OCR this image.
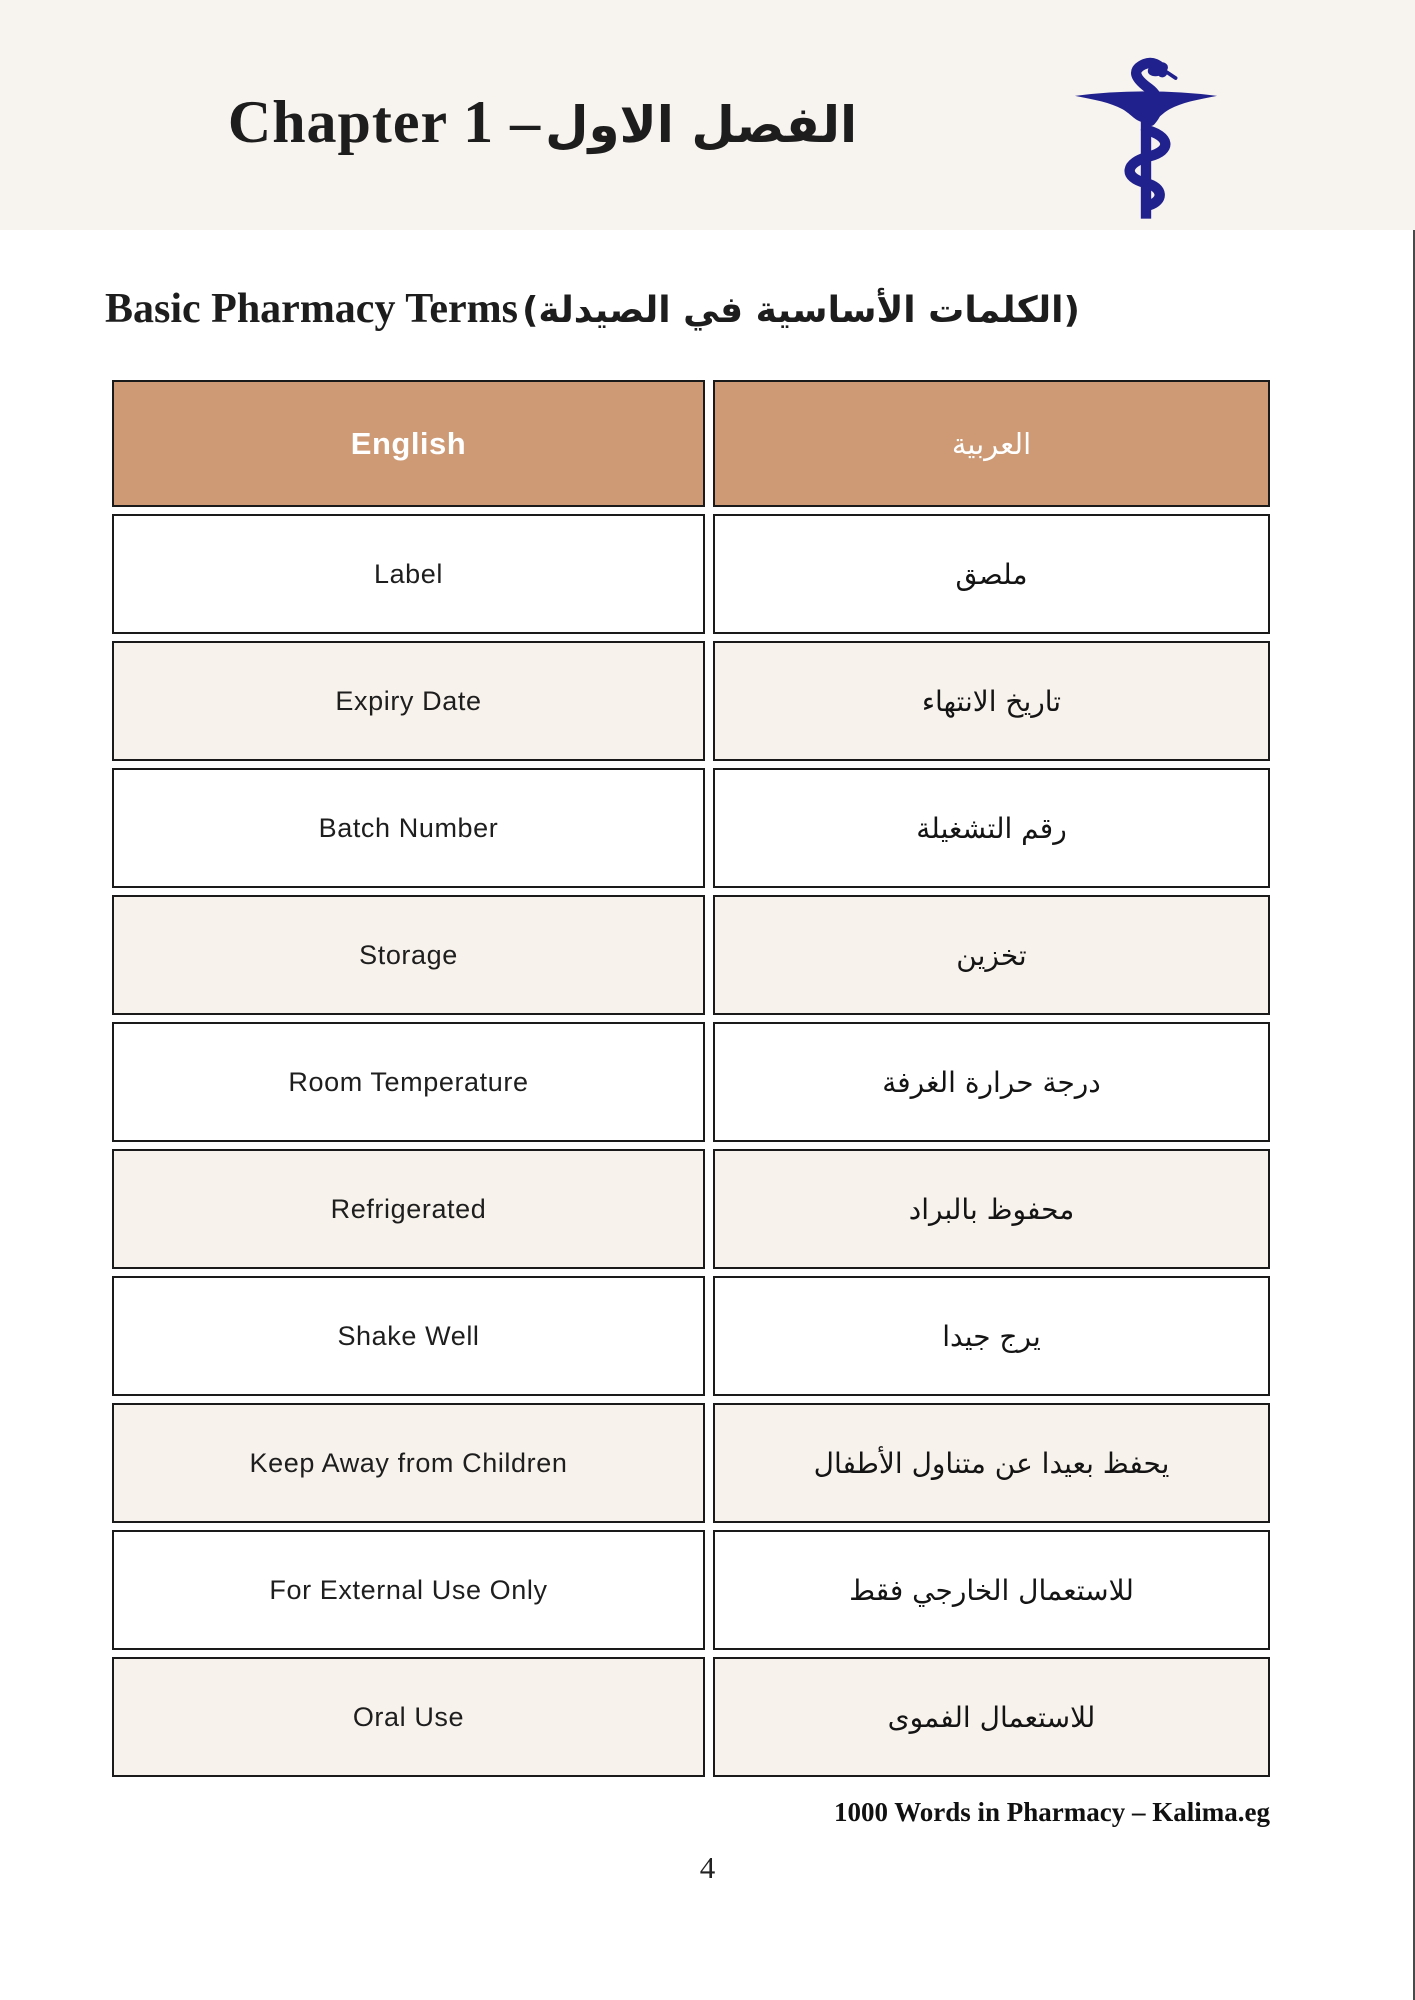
Chapter 1 – الفصل الاول
Basic Pharmacy Terms (الكلمات الأساسية في الصيدلة)
English	العربية
Label	ملصق
Expiry Date	تاريخ الانتهاء
Batch Number	رقم التشغيلة
Storage	تخزين
Room Temperature	درجة حرارة الغرفة
Refrigerated	محفوظ بالبراد
Shake Well	يرج جيدا
Keep Away from Children	يحفظ بعيدا عن متناول الأطفال
For External Use Only	للاستعمال الخارجي فقط
Oral Use	للاستعمال الفموى
1000 Words in Pharmacy – Kalima.eg
4
